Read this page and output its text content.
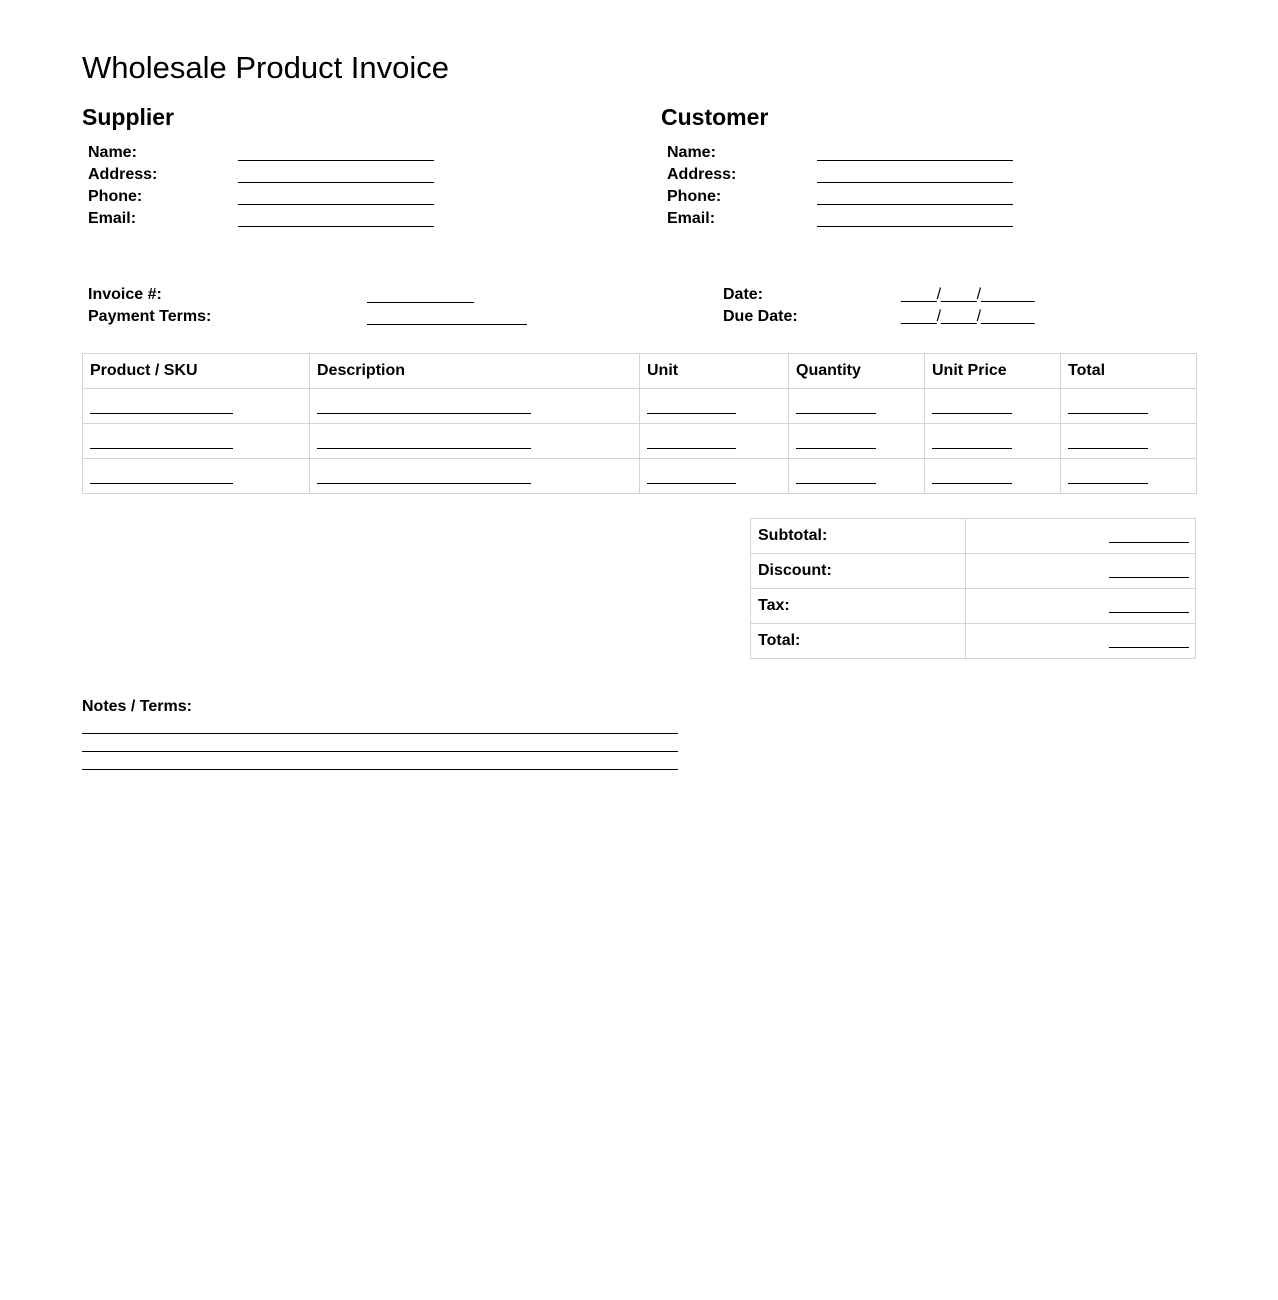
Wholesale Product Invoice
Supplier
Name:
Address:
Phone:
Email:
Customer
Name:
Address:
Phone:
Email:
Invoice #:
Payment Terms:
Date:
Due Date:
____/____/______
____/____/______
Product / SKU	Description	Unit	Quantity	Unit Price	Total

Subtotal:	

Discount:	

Tax:	

Total:	
Notes / Terms:
